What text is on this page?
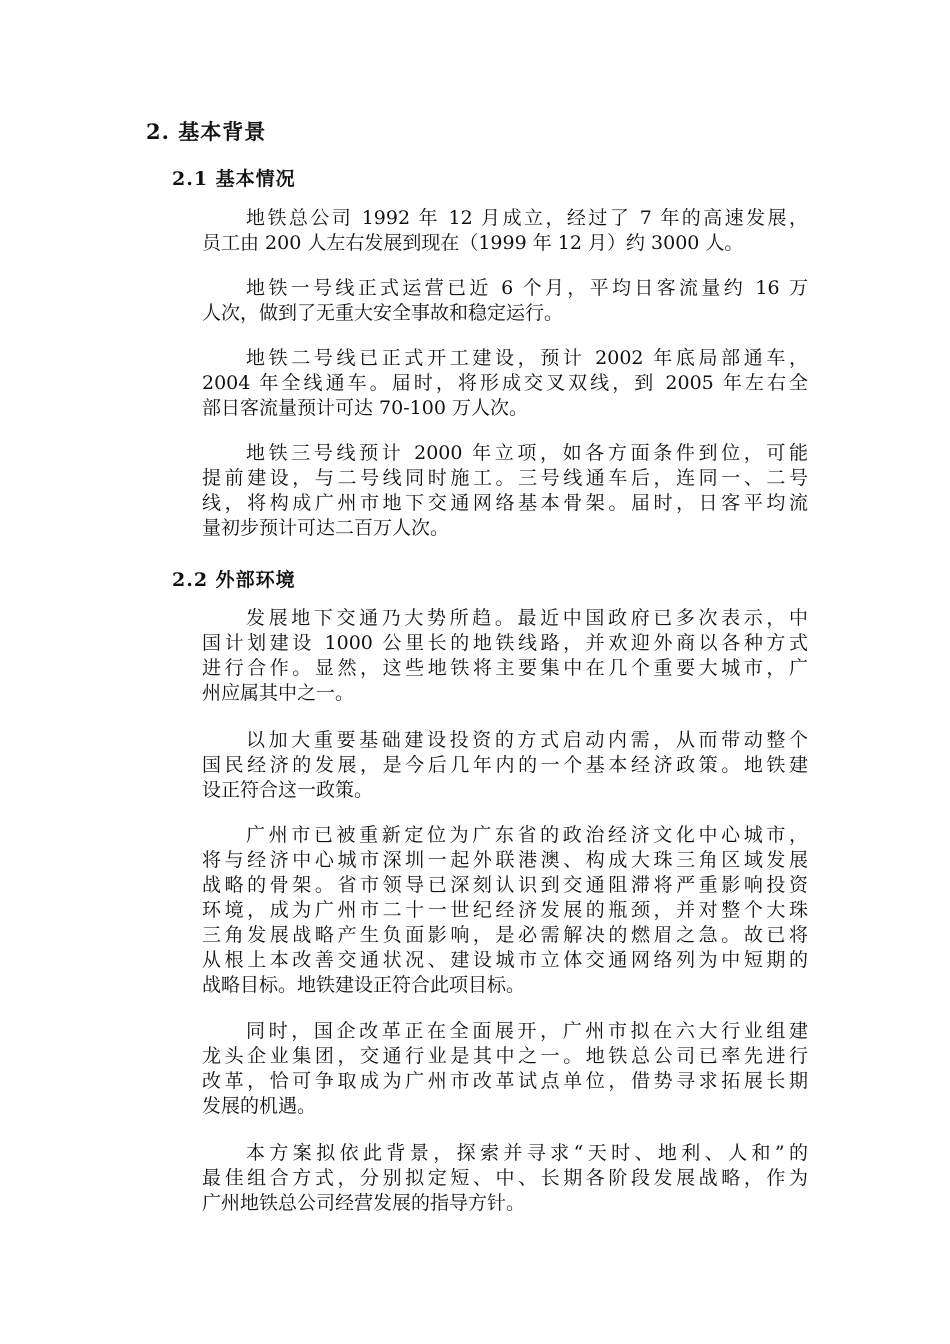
2. 基本背景
2.1 基本情况
地铁总公司 1992 年 12 月成立，经过了 7 年的高速发展，
员工由 200 人左右发展到现在（1999 年 12 月）约 3000 人。
地铁一号线正式运营已近 6 个月，平均日客流量约 16 万
人次，做到了无重大安全事故和稳定运行。
地铁二号线已正式开工建设，预计 2002 年底局部通车，
2004 年全线通车。届时，将形成交叉双线，到 2005 年左右全
部日客流量预计可达 70-100 万人次。
地铁三号线预计 2000 年立项，如各方面条件到位，可能
提前建设，与二号线同时施工。三号线通车后，连同一、二号
线，将构成广州市地下交通网络基本骨架。届时，日客平均流
量初步预计可达二百万人次。
2.2 外部环境
发展地下交通乃大势所趋。最近中国政府已多次表示，中
国计划建设 1000 公里长的地铁线路，并欢迎外商以各种方式
进行合作。显然，这些地铁将主要集中在几个重要大城市，广
州应属其中之一。
以加大重要基础建设投资的方式启动内需，从而带动整个
国民经济的发展，是今后几年内的一个基本经济政策。地铁建
设正符合这一政策。
广州市已被重新定位为广东省的政治经济文化中心城市，
将与经济中心城市深圳一起外联港澳、构成大珠三角区域发展
战略的骨架。省市领导已深刻认识到交通阻滞将严重影响投资
环境，成为广州市二十一世纪经济发展的瓶颈，并对整个大珠
三角发展战略产生负面影响，是必需解决的燃眉之急。故已将
从根上本改善交通状况、建设城市立体交通网络列为中短期的
战略目标。地铁建设正符合此项目标。
同时，国企改革正在全面展开，广州市拟在六大行业组建
龙头企业集团，交通行业是其中之一。地铁总公司已率先进行
改革，恰可争取成为广州市改革试点单位，借势寻求拓展长期
发展的机遇。
本方案拟依此背景，探索并寻求“天时、地利、人和”的
最佳组合方式，分别拟定短、中、长期各阶段发展战略，作为
广州地铁总公司经营发展的指导方针。
